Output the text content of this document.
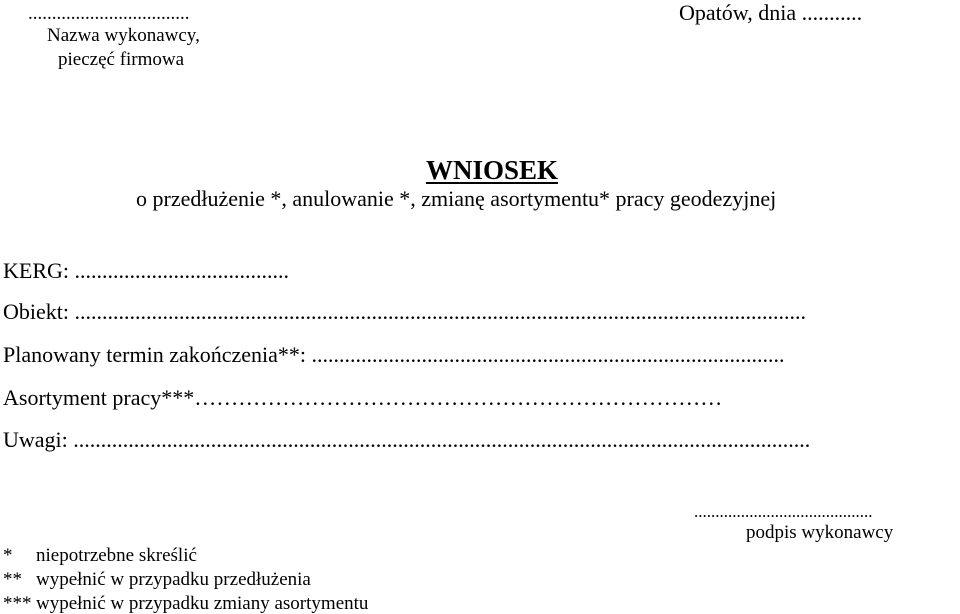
..................................
Nazwa wykonawcy,
pieczęć firmowa
Opatów, dnia ...........
WNIOSEK
o przedłużenie *, anulowanie *, zmianę asortymentu* pracy geodezyjnej
KERG: .......................................
Obiekt: .....................................................................................................................................
Planowany termin zakończenia**: ......................................................................................
Asortyment pracy***………………………………………………………………
Uwagi: ......................................................................................................................................
..........................................
podpis wykonawcy
* niepotrzebne skreślić
** wypełnić w przypadku przedłużenia
*** wypełnić w przypadku zmiany asortymentu
